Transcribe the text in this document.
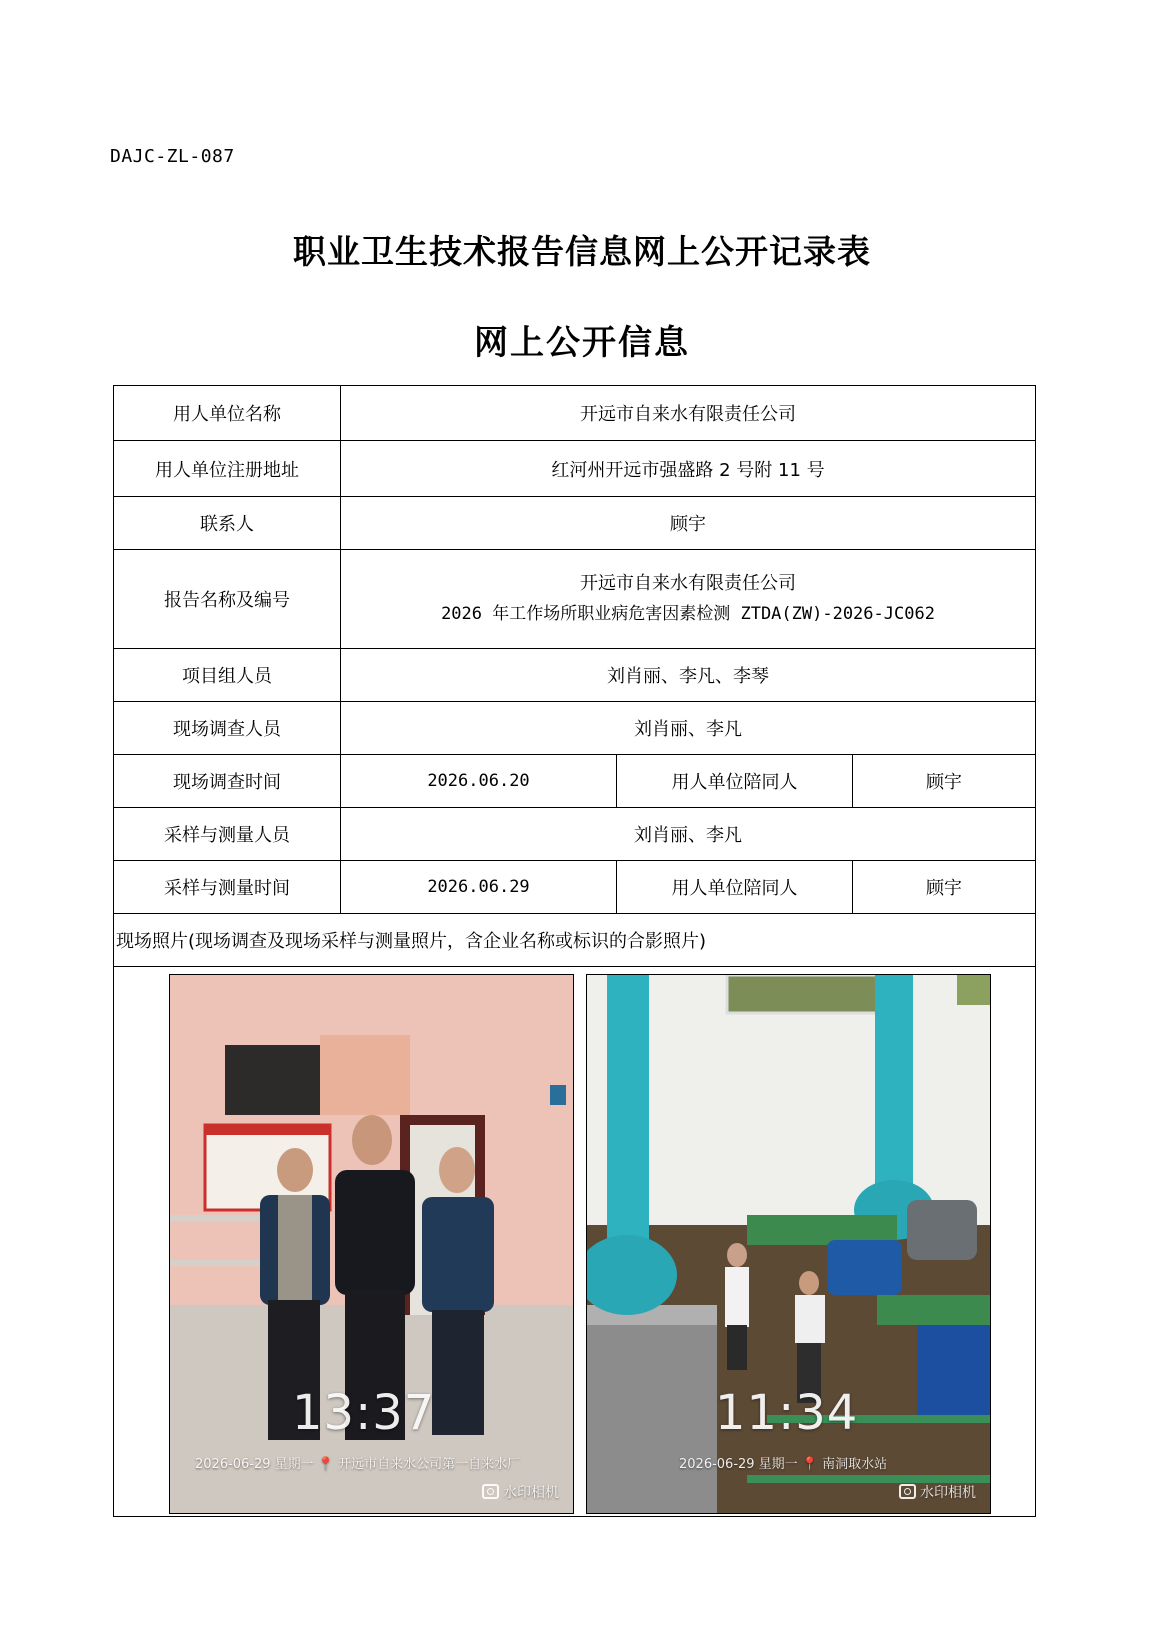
DAJC-ZL-087
职业卫生技术报告信息网上公开记录表
网上公开信息
用人单位名称	开远市自来水有限责任公司		
用人单位注册地址	红河州开远市强盛路 2 号附 11 号		
联系人	顾宇		
报告名称及编号	开远市自来水有限责任公司
2026 年工作场所职业病危害因素检测 ZTDA(ZW)-2026-JC062		

项目组人员	刘肖丽、李凡、李琴		
现场调查人员	刘肖丽、李凡		
现场调查时间	2026.06.20	用人单位陪同人	顾宇
采样与测量人员	刘肖丽、李凡		
采样与测量时间	2026.06.29	用人单位陪同人	顾宇
现场照片(现场调查及现场采样与测量照片，含企业名称或标识的合影照片)			

13:37
2026-06-29 星期一 📍 开远市自来水公司第一自来水厂
水印相机
11:34
2026-06-29 星期一 📍 南洞取水站
水印相机
